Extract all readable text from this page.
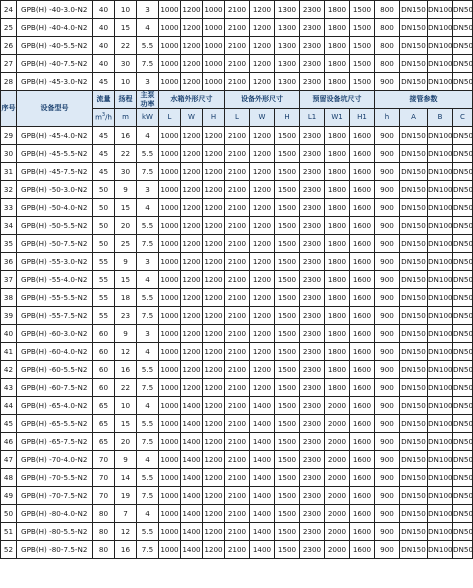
24	GPB(H) -40-3.0-N2	40	10	3	1000	1200	1000	2100	1200	1300	2300	1800	1500	800	DN150	DN100	DN50
25	GPB(H) -40-4.0-N2	40	15	4	1000	1200	1000	2100	1200	1300	2300	1800	1500	800	DN150	DN100	DN50
26	GPB(H) -40-5.5-N2	40	22	5.5	1000	1200	1000	2100	1200	1300	2300	1800	1500	800	DN150	DN100	DN50
27	GPB(H) -40-7.5-N2	40	30	7.5	1000	1200	1000	2100	1200	1300	2300	1800	1500	800	DN150	DN100	DN50
28	GPB(H) -45-3.0-N2	45	10	3	1000	1200	1000	2100	1200	1300	2300	1800	1500	900	DN150	DN100	DN50
序号	设备型号	流量	扬程	主泵
功率	水箱外形尺寸			设备外形尺寸			预留设备坑尺寸			接管参数			
		$m^3/h$	m	kW	L	W	H	L	W	H	L1	W1	H1	h	A	B	C
29	GPB(H) -45-4.0-N2	45	16	4	1000	1200	1200	2100	1200	1500	2300	1800	1600	900	DN150	DN100	DN50
30	GPB(H) -45-5.5-N2	45	22	5.5	1000	1200	1200	2100	1200	1500	2300	1800	1600	900	DN150	DN100	DN50
31	GPB(H) -45-7.5-N2	45	30	7.5	1000	1200	1200	2100	1200	1500	2300	1800	1600	900	DN150	DN100	DN50
32	GPB(H) -50-3.0-N2	50	9	3	1000	1200	1200	2100	1200	1500	2300	1800	1600	900	DN150	DN100	DN50
33	GPB(H) -50-4.0-N2	50	15	4	1000	1200	1200	2100	1200	1500	2300	1800	1600	900	DN150	DN100	DN50
34	GPB(H) -50-5.5-N2	50	20	5.5	1000	1200	1200	2100	1200	1500	2300	1800	1600	900	DN150	DN100	DN50
35	GPB(H) -50-7.5-N2	50	25	7.5	1000	1200	1200	2100	1200	1500	2300	1800	1600	900	DN150	DN100	DN50
36	GPB(H) -55-3.0-N2	55	9	3	1000	1200	1200	2100	1200	1500	2300	1800	1600	900	DN150	DN100	DN50
37	GPB(H) -55-4.0-N2	55	15	4	1000	1200	1200	2100	1200	1500	2300	1800	1600	900	DN150	DN100	DN50
38	GPB(H) -55-5.5-N2	55	18	5.5	1000	1200	1200	2100	1200	1500	2300	1800	1600	900	DN150	DN100	DN50
39	GPB(H) -55-7.5-N2	55	23	7.5	1000	1200	1200	2100	1200	1500	2300	1800	1600	900	DN150	DN100	DN50
40	GPB(H) -60-3.0-N2	60	9	3	1000	1200	1200	2100	1200	1500	2300	1800	1600	900	DN150	DN100	DN50
41	GPB(H) -60-4.0-N2	60	12	4	1000	1200	1200	2100	1200	1500	2300	1800	1600	900	DN150	DN100	DN50
42	GPB(H) -60-5.5-N2	60	16	5.5	1000	1200	1200	2100	1200	1500	2300	1800	1600	900	DN150	DN100	DN50
43	GPB(H) -60-7.5-N2	60	22	7.5	1000	1200	1200	2100	1200	1500	2300	1800	1600	900	DN150	DN100	DN50
44	GPB(H) -65-4.0-N2	65	10	4	1000	1400	1200	2100	1400	1500	2300	2000	1600	900	DN150	DN100	DN50
45	GPB(H) -65-5.5-N2	65	15	5.5	1000	1400	1200	2100	1400	1500	2300	2000	1600	900	DN150	DN100	DN50
46	GPB(H) -65-7.5-N2	65	20	7.5	1000	1400	1200	2100	1400	1500	2300	2000	1600	900	DN150	DN100	DN50
47	GPB(H) -70-4.0-N2	70	9	4	1000	1400	1200	2100	1400	1500	2300	2000	1600	900	DN150	DN100	DN50
48	GPB(H) -70-5.5-N2	70	14	5.5	1000	1400	1200	2100	1400	1500	2300	2000	1600	900	DN150	DN100	DN50
49	GPB(H) -70-7.5-N2	70	19	7.5	1000	1400	1200	2100	1400	1500	2300	2000	1600	900	DN150	DN100	DN50
50	GPB(H) -80-4.0-N2	80	7	4	1000	1400	1200	2100	1400	1500	2300	2000	1600	900	DN150	DN100	DN50
51	GPB(H) -80-5.5-N2	80	12	5.5	1000	1400	1200	2100	1400	1500	2300	2000	1600	900	DN150	DN100	DN50
52	GPB(H) -80-7.5-N2	80	16	7.5	1000	1400	1200	2100	1400	1500	2300	2000	1600	900	DN150	DN100	DN50
